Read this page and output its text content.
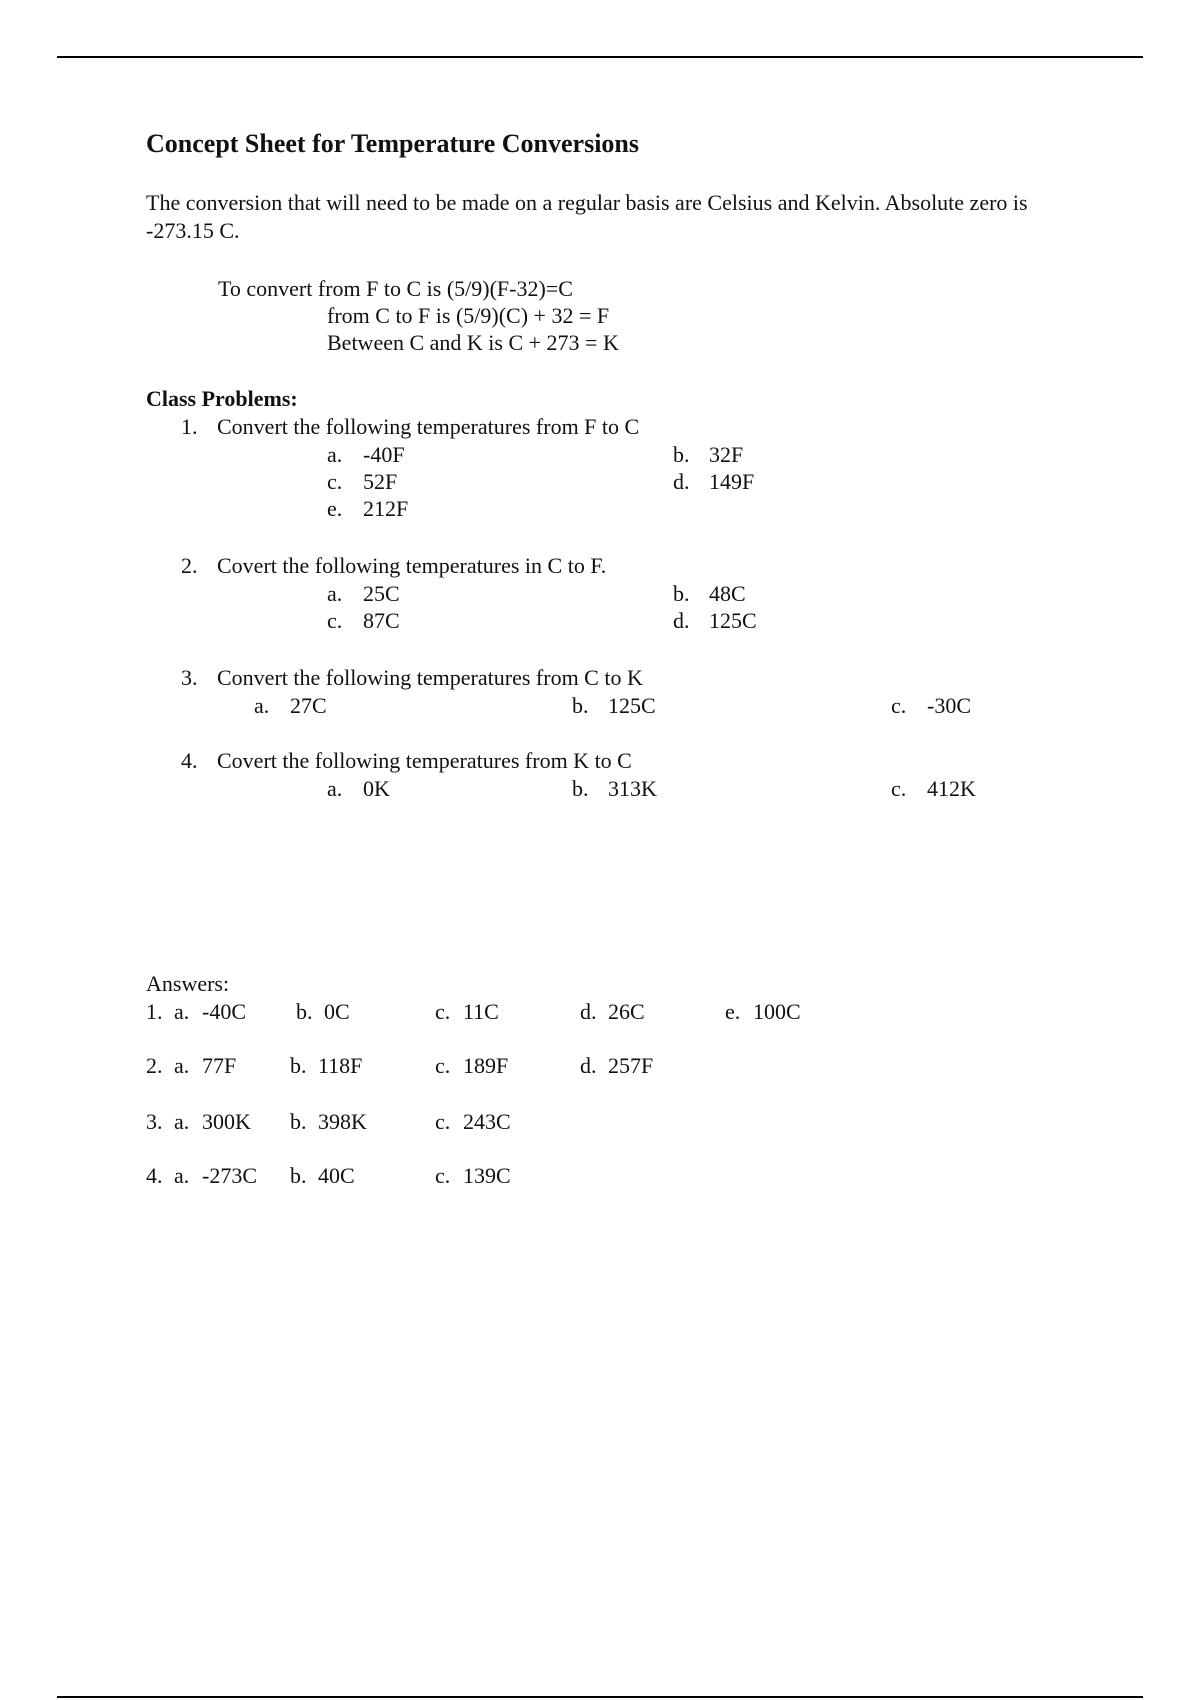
Concept Sheet for Temperature Conversions
The conversion that will need to be made on a regular basis are Celsius and Kelvin. Absolute zero is
-273.15 C.
To convert from F to C is (5/9)(F-32)=C
from C to F is (5/9)(C) + 32 = F
Between C and K is C + 273 = K
Class Problems:
1. Convert the following temperatures from F to C
a. -40F	b. 32F
c. 52F	d. 149F
e. 212F
2. Covert the following temperatures in C to F.
a. 25C	b. 48C
c. 87C	d. 125C
3. Convert the following temperatures from C to K
a. 27C	b. 125C	c. -30C
4. Covert the following temperatures from K to C
a. 0K	b. 313K	c. 412K
Answers:
1. a. -40C b. 0C	c. 11C	d. 26C	e. 100C
2. a. 77F b. 118F	c. 189F	d. 257F
3. a. 300K b. 398K	c. 243C
4. a. -273C b. 40C	c. 139C
